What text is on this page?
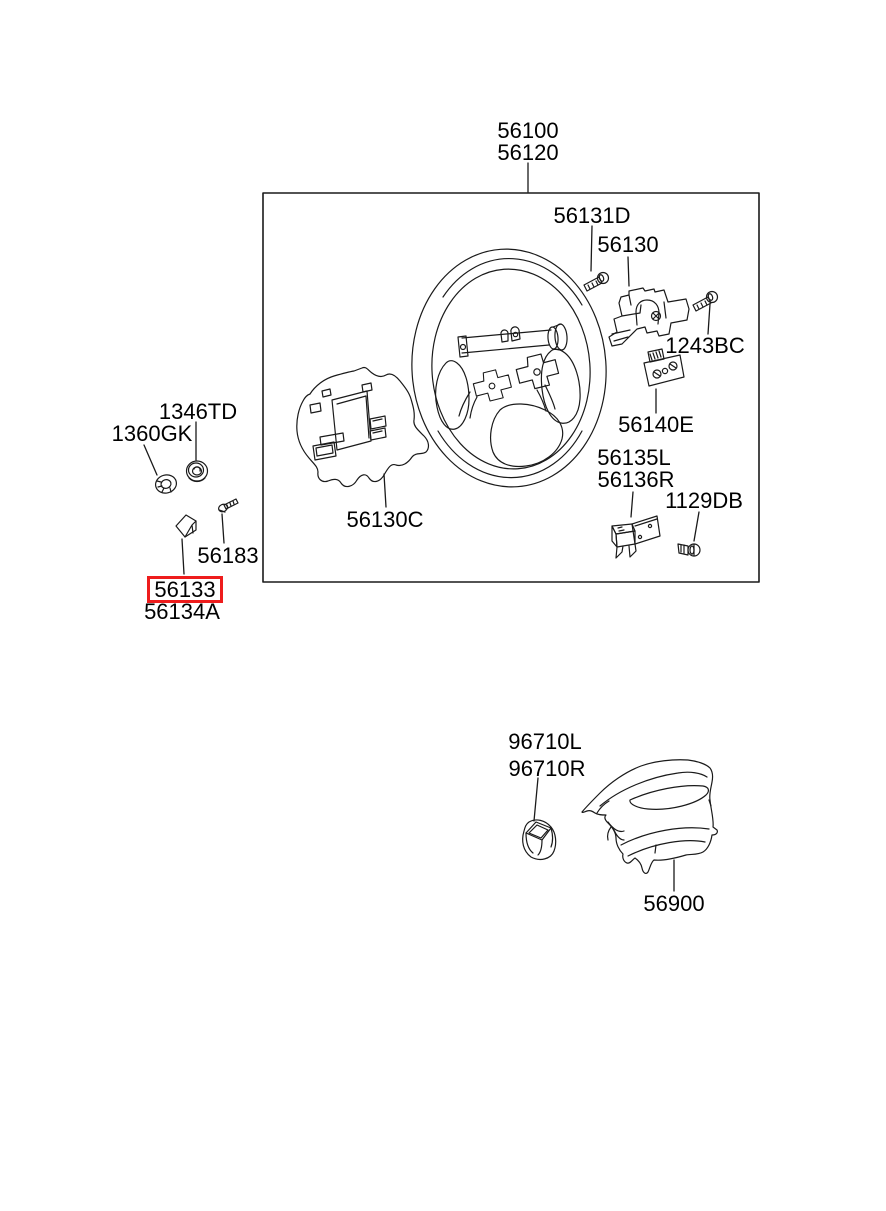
56100
56120
56131D
56130
1243BC
56140E
56135L
56136R
1129DB
56130C
1346TD
1360GK
56183
56133
56134A
96710L
96710R
56900
